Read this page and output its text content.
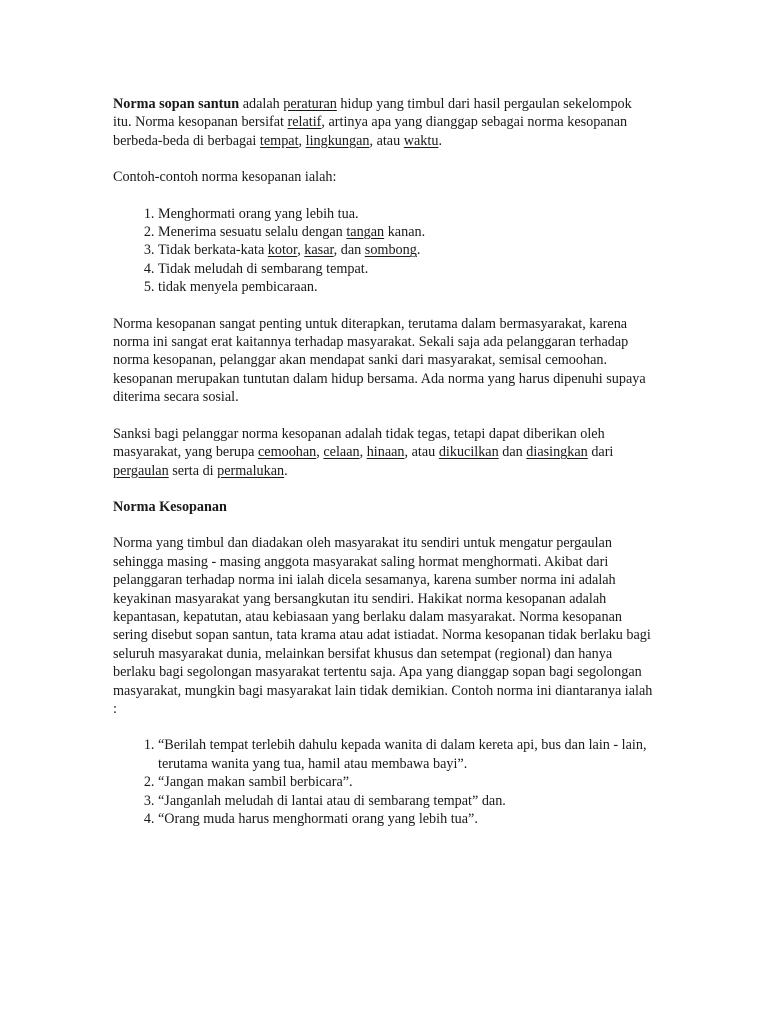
Norma sopan santun adalah peraturan hidup yang timbul dari hasil pergaulan sekelompok itu. Norma kesopanan bersifat relatif, artinya apa yang dianggap sebagai norma kesopanan berbeda-beda di berbagai tempat, lingkungan, atau waktu.

Contoh-contoh norma kesopanan ialah:

1. Menghormati orang yang lebih tua.
2. Menerima sesuatu selalu dengan tangan kanan.
3. Tidak berkata-kata kotor, kasar, dan sombong.
4. Tidak meludah di sembarang tempat.
5. tidak menyela pembicaraan.

Norma kesopanan sangat penting untuk diterapkan, terutama dalam bermasyarakat, karena norma ini sangat erat kaitannya terhadap masyarakat. Sekali saja ada pelanggaran terhadap norma kesopanan, pelanggar akan mendapat sanki dari masyarakat, semisal cemoohan. kesopanan merupakan tuntutan dalam hidup bersama. Ada norma yang harus dipenuhi supaya diterima secara sosial.

Sanksi bagi pelanggar norma kesopanan adalah tidak tegas, tetapi dapat diberikan oleh masyarakat, yang berupa cemoohan, celaan, hinaan, atau dikucilkan dan diasingkan dari pergaulan serta di permalukan.

Norma Kesopanan

Norma yang timbul dan diadakan oleh masyarakat itu sendiri untuk mengatur pergaulan sehingga masing - masing anggota masyarakat saling hormat menghormati. Akibat dari pelanggaran terhadap norma ini ialah dicela sesamanya, karena sumber norma ini adalah keyakinan masyarakat yang bersangkutan itu sendiri. Hakikat norma kesopanan adalah kepantasan, kepatutan, atau kebiasaan yang berlaku dalam masyarakat. Norma kesopanan sering disebut sopan santun, tata krama atau adat istiadat. Norma kesopanan tidak berlaku bagi seluruh masyarakat dunia, melainkan bersifat khusus dan setempat (regional) dan hanya berlaku bagi segolongan masyarakat tertentu saja. Apa yang dianggap sopan bagi segolongan masyarakat, mungkin bagi masyarakat lain tidak demikian. Contoh norma ini diantaranya ialah :

1. “Berilah tempat terlebih dahulu kepada wanita di dalam kereta api, bus dan lain - lain, terutama wanita yang tua, hamil atau membawa bayi”.
2. “Jangan makan sambil berbicara”.
3. “Janganlah meludah di lantai atau di sembarang tempat” dan.
4. “Orang muda harus menghormati orang yang lebih tua”.
